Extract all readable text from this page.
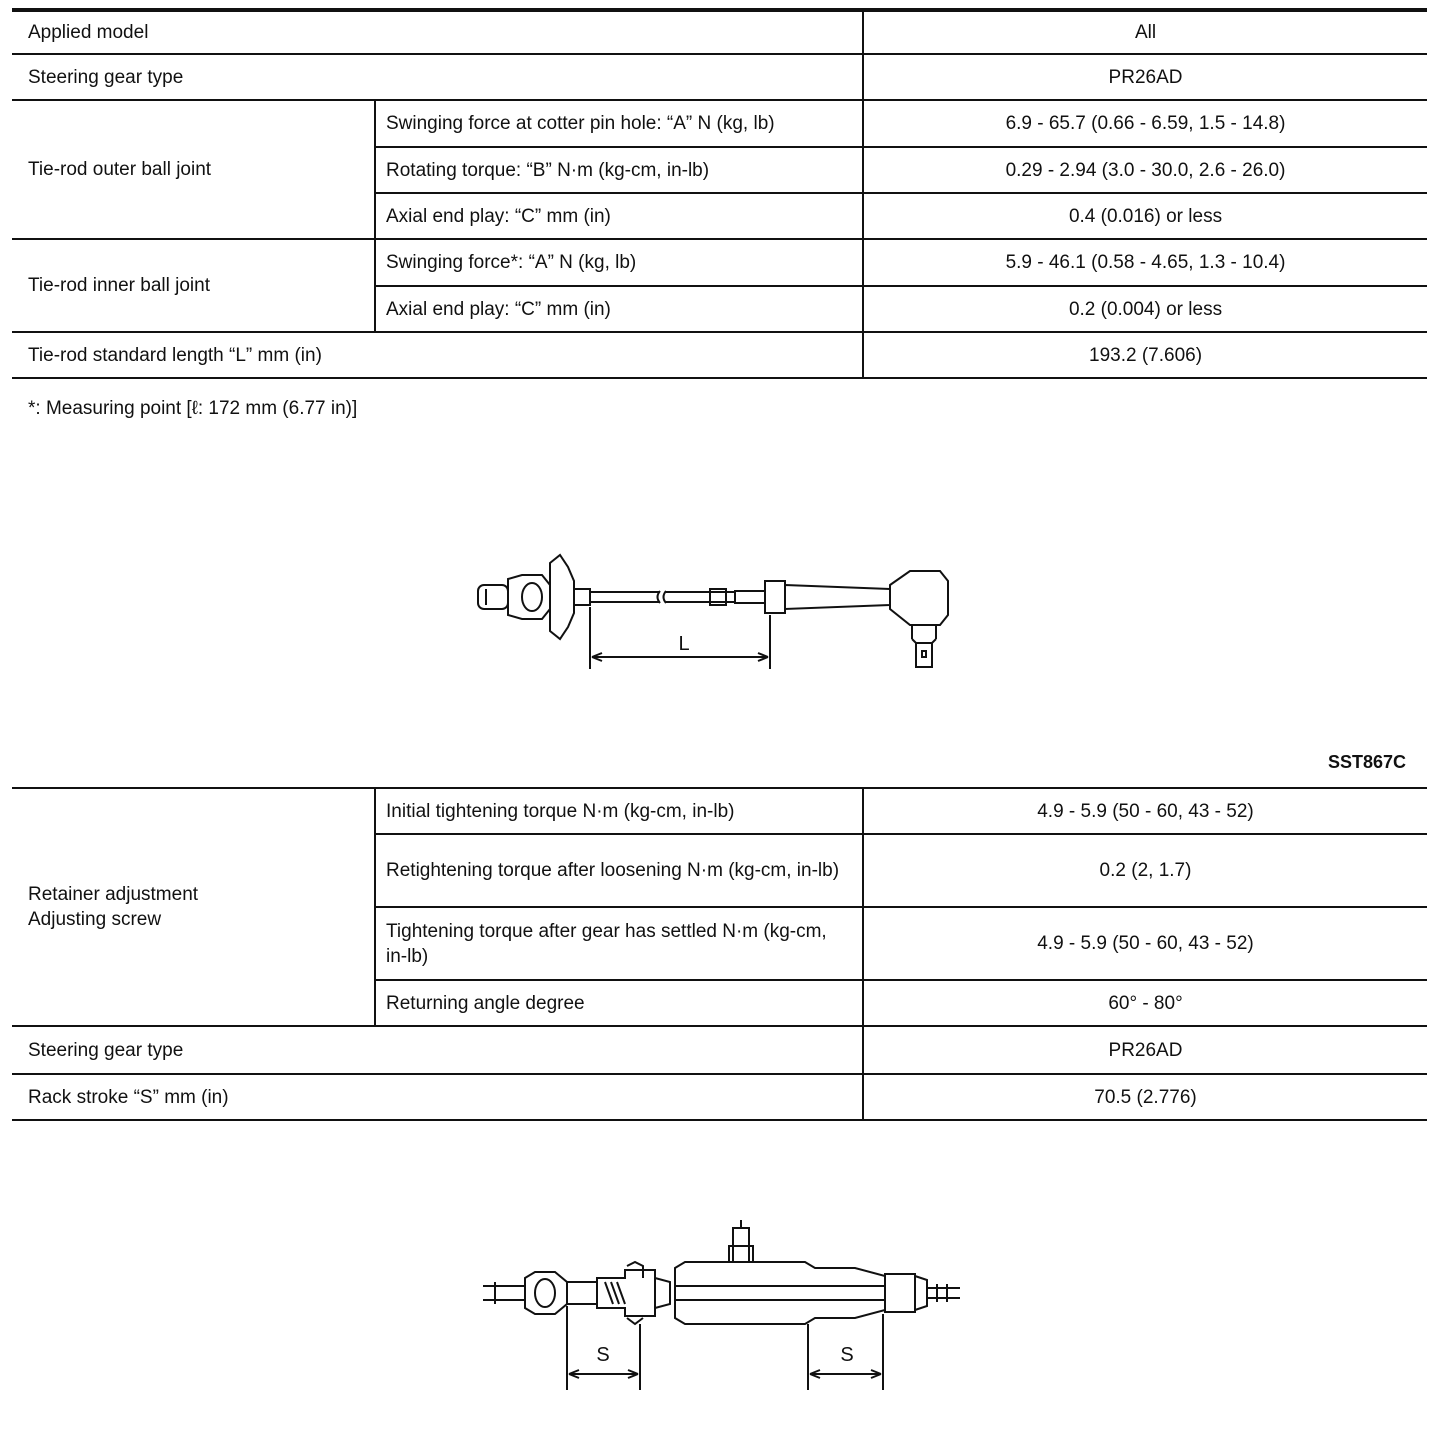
Applied model		All
Steering gear type		PR26AD
Tie-rod outer ball joint	Swinging force at cotter pin hole: “A” N (kg, lb)	6.9 - 65.7 (0.66 - 6.59, 1.5 - 14.8)
	Rotating torque: “B” N·m (kg-cm, in-lb)	0.29 - 2.94 (3.0 - 30.0, 2.6 - 26.0)
	Axial end play: “C” mm (in)	0.4 (0.016) or less
Tie-rod inner ball joint	Swinging force*: “A” N (kg, lb)	5.9 - 46.1 (0.58 - 4.65, 1.3 - 10.4)
	Axial end play: “C” mm (in)	0.2 (0.004) or less
Tie-rod standard length “L” mm (in)		193.2 (7.606)
*: Measuring point [ℓ: 172 mm (6.77 in)]
L
SST867C
Retainer adjustment
Adjusting screw	Initial tightening torque N·m (kg-cm, in-lb)	4.9 - 5.9 (50 - 60, 43 - 52)
	Retightening torque after loosening N·m (kg-cm, in-lb)	0.2 (2, 1.7)
	Tightening torque after gear has settled N·m (kg-cm, in-lb)	4.9 - 5.9 (50 - 60, 43 - 52)
	Returning angle degree	60° - 80°
Steering gear type		PR26AD
Rack stroke “S” mm (in)		70.5 (2.776)
S	S
